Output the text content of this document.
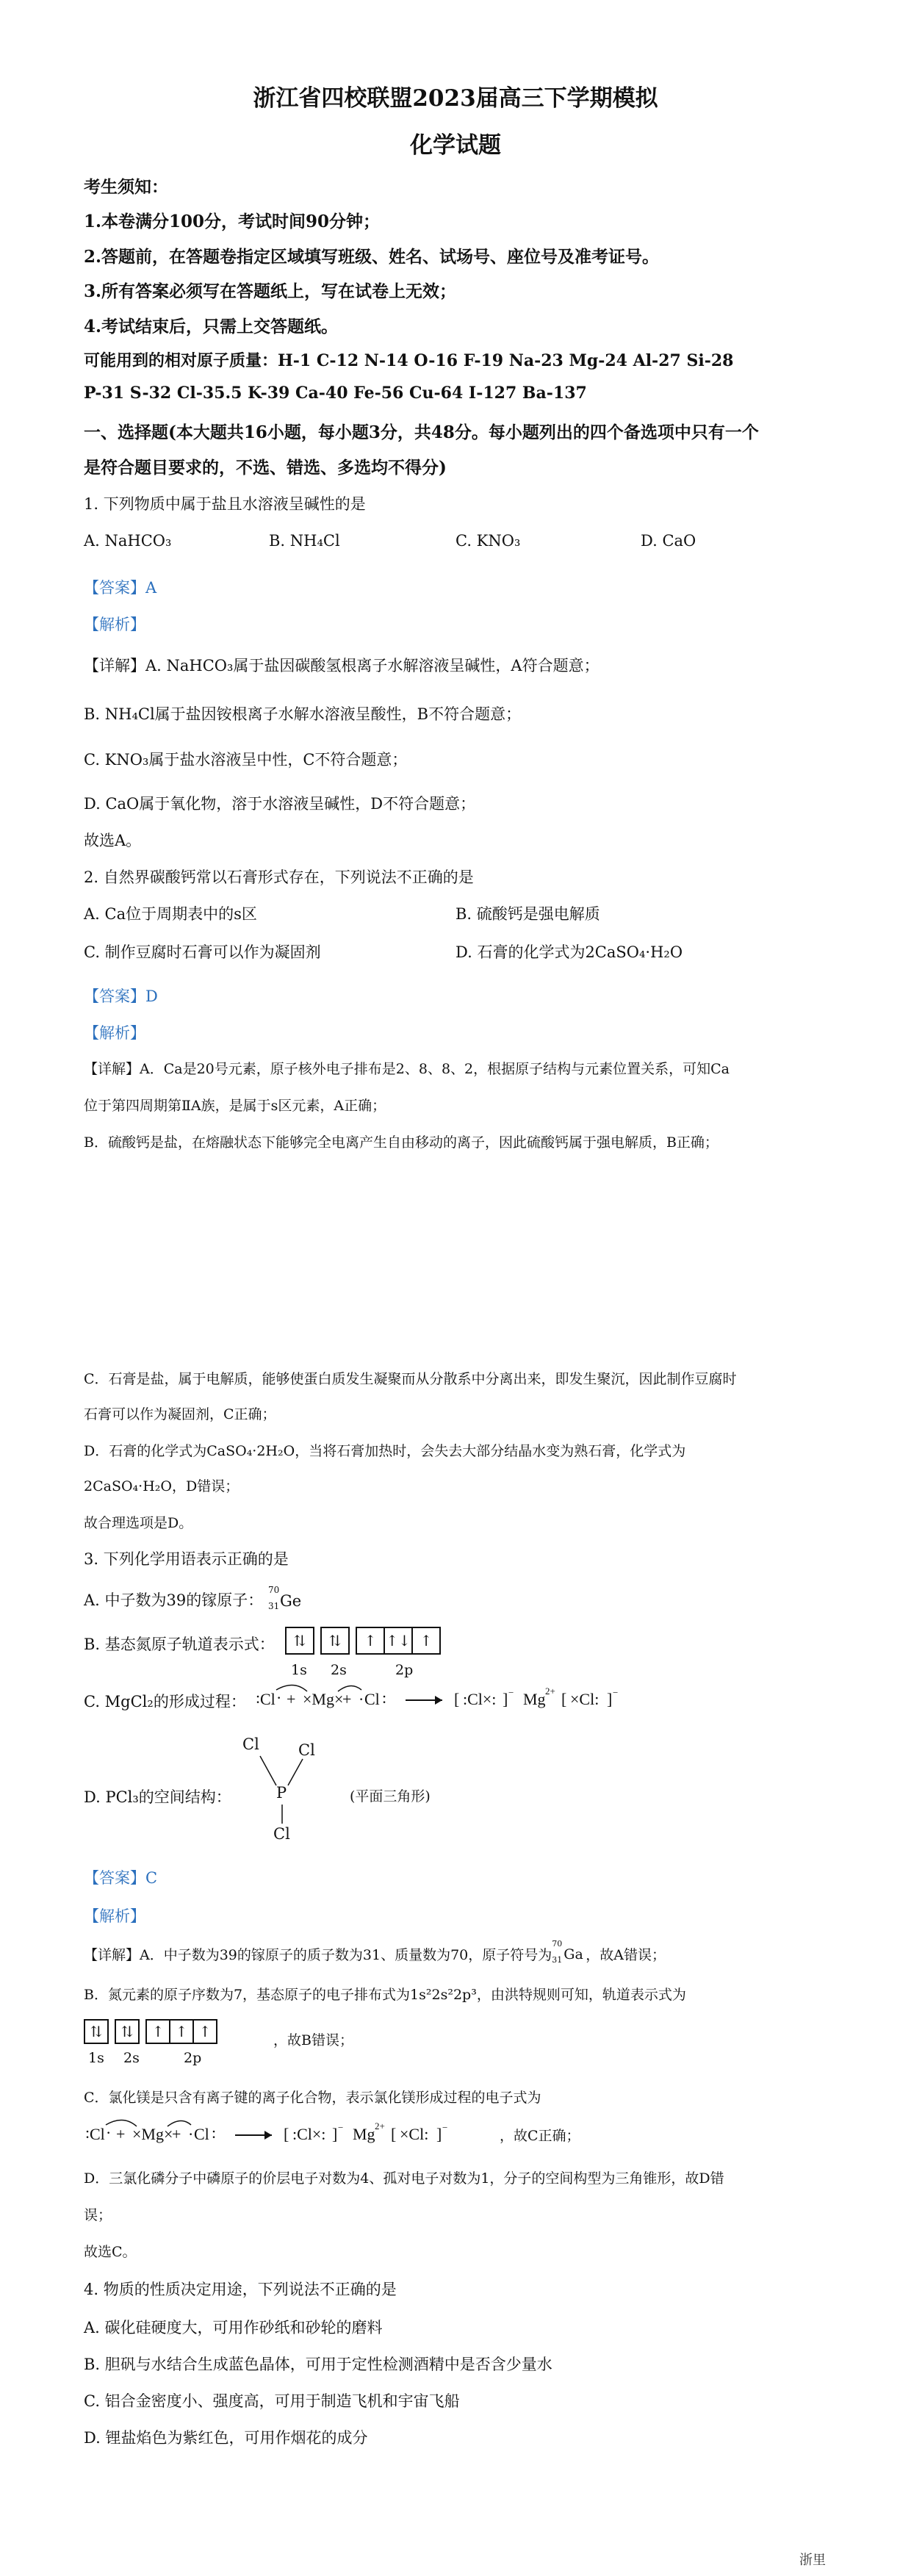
浙江省四校联盟2023届高三下学期模拟
化学试题
考生须知：
1.本卷满分100分，考试时间90分钟；
2.答题前，在答题卷指定区域填写班级、姓名、试场号、座位号及准考证号。
3.所有答案必须写在答题纸上，写在试卷上无效；
4.考试结束后，只需上交答题纸。
可能用到的相对原子质量：H-1 C-12 N-14 O-16 F-19 Na-23 Mg-24 Al-27 Si-28
P-31 S-32 Cl-35.5 K-39 Ca-40 Fe-56 Cu-64 I-127 Ba-137
一、选择题(本大题共16小题，每小题3分，共48分。每小题列出的四个备选项中只有一个
是符合题目要求的，不选、错选、多选均不得分)
1. 下列物质中属于盐且水溶液呈碱性的是
A. NaHCO₃	B. NH₄Cl	C. KNO₃	D. CaO
【答案】A
【解析】
【详解】A. NaHCO₃属于盐因碳酸氢根离子水解溶液呈碱性，A符合题意；
B. NH₄Cl属于盐因铵根离子水解水溶液呈酸性，B不符合题意；
C. KNO₃属于盐水溶液呈中性，C不符合题意；
D. CaO属于氧化物，溶于水溶液呈碱性，D不符合题意；
故选A。
2. 自然界碳酸钙常以石膏形式存在，下列说法不正确的是
A. Ca位于周期表中的s区	B. 硫酸钙是强电解质
C. 制作豆腐时石膏可以作为凝固剂	D. 石膏的化学式为2CaSO₄·H₂O
【答案】D
【解析】
【详解】A．Ca是20号元素，原子核外电子排布是2、8、8、2，根据原子结构与元素位置关系，可知Ca
位于第四周期第ⅡA族，是属于s区元素，A正确；
B．硫酸钙是盐，在熔融状态下能够完全电离产生自由移动的离子，因此硫酸钙属于强电解质，B正确；
C．石膏是盐，属于电解质，能够使蛋白质发生凝聚而从分散系中分离出来，即发生聚沉，因此制作豆腐时
石膏可以作为凝固剂，C正确；
D．石膏的化学式为CaSO₄·2H₂O，当将石膏加热时，会失去大部分结晶水变为熟石膏，化学式为
2CaSO₄·H₂O，D错误；
故合理选项是D。
3. 下列化学用语表示正确的是
A. 中子数为39的镓原子：
70
31 Ge
B. 基态氮原子轨道表示式：	⇅ ⇅ ↑ ↑↓ ↑
1s 2s	2p
C. MgCl₂的形成过程： Cl
: · + ×Mg×
+ · Cl :	[ :Cl×: ] − Mg 2+ [ ×Cl: ] −
D. PCl₃的空间结构：
Cl	Cl
P
Cl
(平面三角形)
【答案】C
【解析】
【详解】A．中子数为39的镓原子的质子数为31、质量数为70，原子符号为
70
31 Ga ，故A错误；
B．氮元素的原子序数为7，基态原子的电子排布式为1s²2s²2p³，由洪特规则可知，轨道表示式为
⇅ ⇅ ↑ ↑ ↑
1s 2s	2p
，故B错误；
C．氯化镁是只含有离子键的离子化合物，表示氯化镁形成过程的电子式为
Cl
: · + ×Mg×
+ · Cl :	[ :Cl×: ] − Mg 2+ [ ×Cl: ] −
，故C正确；
D．三氯化磷分子中磷原子的价层电子对数为4、孤对电子对数为1，分子的空间构型为三角锥形，故D错
误；
故选C。
4. 物质的性质决定用途，下列说法不正确的是
A. 碳化硅硬度大，可用作砂纸和砂轮的磨料
B. 胆矾与水结合生成蓝色晶体，可用于定性检测酒精中是否含少量水
C. 铝合金密度小、强度高，可用于制造飞机和宇宙飞船
D. 锂盐焰色为紫红色，可用作烟花的成分
浙里
